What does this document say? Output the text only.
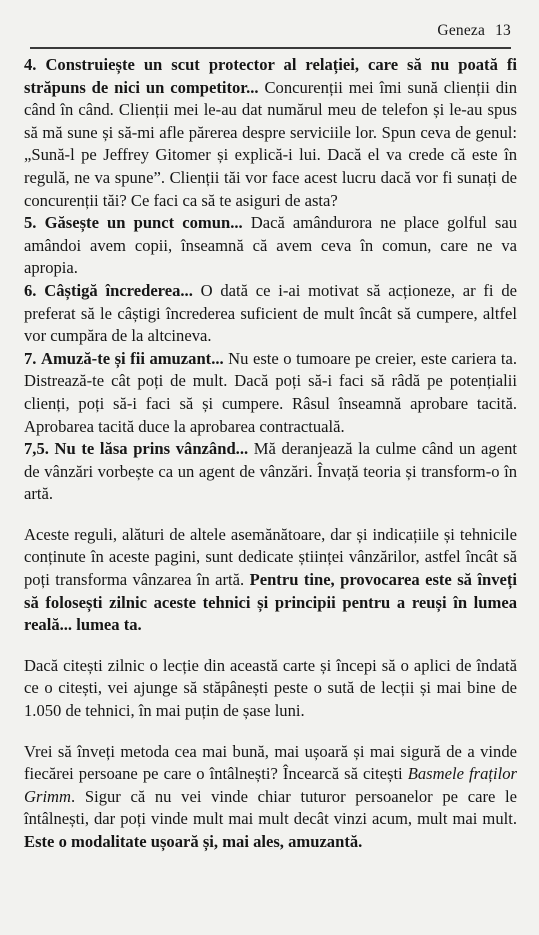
Geneza 13

4. Construiește un scut protector al relației, care să nu poată fi străpuns de nici un competitor... Concurenții mei îmi sună clienții din când în când. Clienții mei le-au dat numărul meu de telefon și le-au spus să mă sune și să-mi afle părerea despre serviciile lor. Spun ceva de genul: „Sună-l pe Jeffrey Gitomer și explică-i lui. Dacă el va crede că este în regulă, ne va spune”. Clienții tăi vor face acest lucru dacă vor fi sunați de concurenții tăi? Ce faci ca să te asiguri de asta?

5. Găsește un punct comun... Dacă amândurora ne place golful sau amândoi avem copii, înseamnă că avem ceva în comun, care ne va apropia.

6. Câștigă încrederea... O dată ce i-ai motivat să acționeze, ar fi de preferat să le câștigi încrederea suficient de mult încât să cumpere, altfel vor cumpăra de la altcineva.

7. Amuză-te și fii amuzant... Nu este o tumoare pe creier, este cariera ta. Distrează-te cât poți de mult. Dacă poți să-i faci să râdă pe potențialii clienți, poți să-i faci să și cumpere. Râsul înseamnă aprobare tacită. Aprobarea tacită duce la aprobarea contractuală.

7,5. Nu te lăsa prins vânzând... Mă deranjează la culme când un agent de vânzări vorbește ca un agent de vânzări. Învață teoria și transform-o în artă.

Aceste reguli, alături de altele asemănătoare, dar și indicațiile și tehnicile conținute în aceste pagini, sunt dedicate științei vânzărilor, astfel încât să poți transforma vânzarea în artă. Pentru tine, provocarea este să înveți să folosești zilnic aceste tehnici și principii pentru a reuși în lumea reală... lumea ta.

Dacă citești zilnic o lecție din această carte și începi să o aplici de îndată ce o citești, vei ajunge să stăpânești peste o sută de lecții și mai bine de 1.050 de tehnici, în mai puțin de șase luni.

Vrei să înveți metoda cea mai bună, mai ușoară și mai sigură de a vinde fiecărei persoane pe care o întâlnești? Încearcă să citești Basmele fraților Grimm. Sigur că nu vei vinde chiar tuturor persoanelor pe care le întâlnești, dar poți vinde mult mai mult decât vinzi acum, mult mai mult. Este o modalitate ușoară și, mai ales, amuzantă.
